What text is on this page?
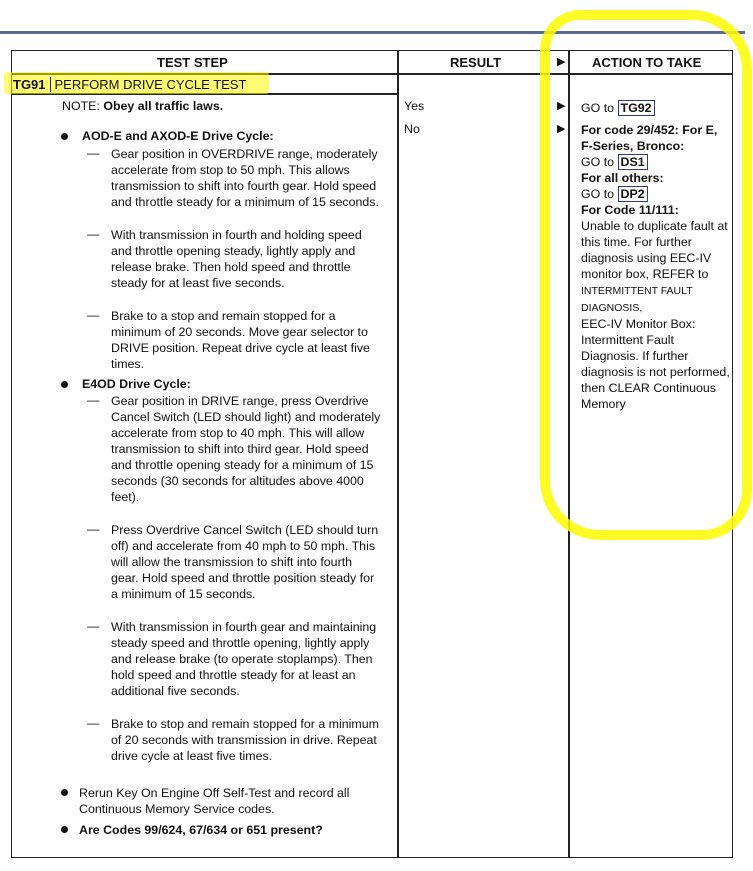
TEST STEP	RESULT	ACTION TO TAKE
▶
TG91 PERFORM DRIVE CYCLE TEST
NOTE: Obey all traffic laws.
AOD-E and AXOD-E Drive Cycle:
— Gear position in OVERDRIVE range, moderately accelerate from stop to 50 mph. This allows transmission to shift into fourth gear. Hold speed and throttle steady for a minimum of 15 seconds.
— With transmission in fourth and holding speed and throttle opening steady, lightly apply and release brake. Then hold speed and throttle steady for at least five seconds.
— Brake to a stop and remain stopped for a minimum of 20 seconds. Move gear selector to DRIVE position. Repeat drive cycle at least five times.
E4OD Drive Cycle:
— Gear position in DRIVE range, press Overdrive Cancel Switch (LED should light) and moderately accelerate from stop to 40 mph. This will allow transmission to shift into third gear. Hold speed and throttle opening steady for a minimum of 15 seconds (30 seconds for altitudes above 4000 feet).
— Press Overdrive Cancel Switch (LED should turn off) and accelerate from 40 mph to 50 mph. This will allow the transmission to shift into fourth gear. Hold speed and throttle position steady for a minimum of 15 seconds.
— With transmission in fourth gear and maintaining steady speed and throttle opening, lightly apply and release brake (to operate stoplamps). Then hold speed and throttle steady for at least an additional five seconds.
— Brake to stop and remain stopped for a minimum of 20 seconds with transmission in drive. Repeat drive cycle at least five times.
Rerun Key On Engine Off Self-Test and record all Continuous Memory Service codes.
Are Codes 99/624, 67/634 or 651 present?
Yes
No
▶
▶
GO to TG92
For code 29/452: For E, F-Series, Bronco:
GO to DS1
For all others:
GO to DP2
For Code 11/111:
Unable to duplicate fault at this time. For further diagnosis using EEC-IV monitor box, REFER to
INTERMITTENT FAULT DIAGNOSIS,
EEC-IV Monitor Box: Intermittent Fault Diagnosis. If further diagnosis is not performed, then CLEAR Continuous Memory
